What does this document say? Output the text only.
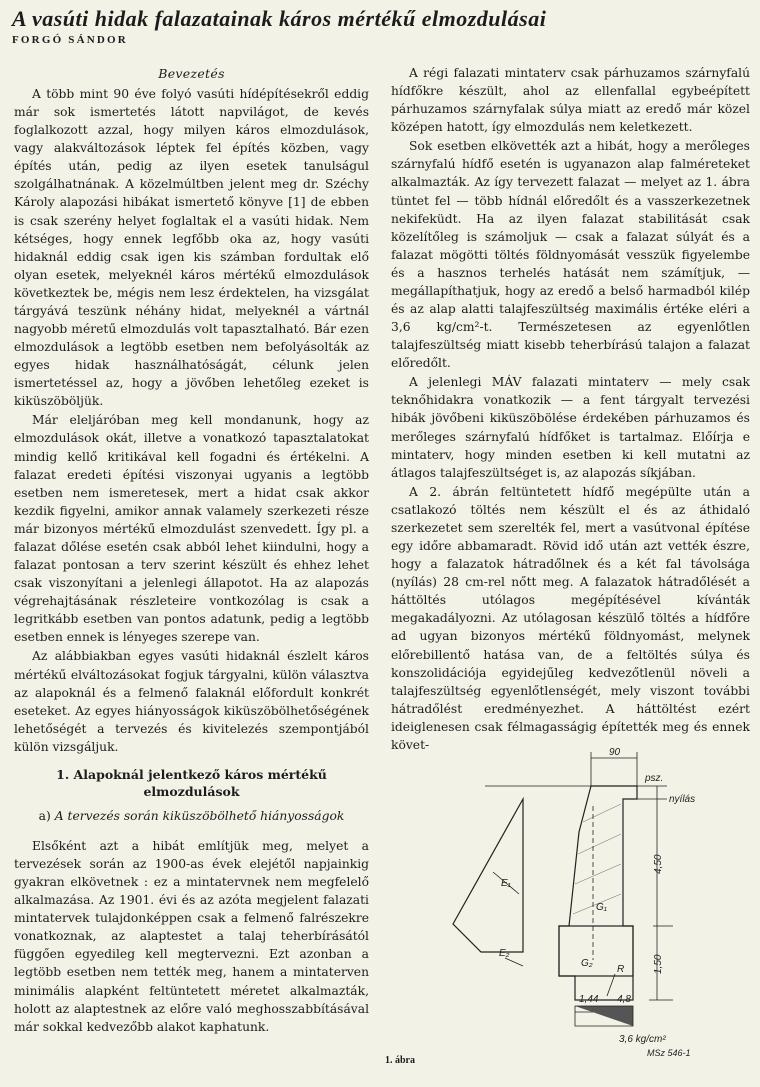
A vasúti hidak falazatainak káros mértékű elmozdulásai
FORGÓ SÁNDOR
Bevezetés

A több mint 90 éve folyó vasúti hídépítésekről eddig már sok ismertetés látott napvilágot, de kevés foglalkozott azzal, hogy milyen káros elmozdulások, vagy alakváltozások léptek fel építés közben, vagy építés után, pedig az ilyen esetek tanulságul szolgálhatnának. A közelmúltben jelent meg dr. Széchy Károly alapozási hibákat ismertető könyve [1] de ebben is csak szerény helyet foglaltak el a vasúti hidak. Nem kétséges, hogy ennek legfőbb oka az, hogy vasúti hidaknál eddig csak igen kis számban fordultak elő olyan esetek, melyeknél káros mértékű elmozdulások következtek be, mégis nem lesz érdektelen, ha vizsgálat tárgyává teszünk néhány hidat, melyeknél a vártnál nagyobb méretű elmozdulás volt tapasztalható. Bár ezen elmozdulások a legtöbb esetben nem befolyásolták az egyes hidak használhatóságát, célunk jelen ismertetéssel az, hogy a jövőben lehetőleg ezeket is kiküszöböljük.

Már eleljáróban meg kell mondanunk, hogy az elmozdulások okát, illetve a vonatkozó tapasztalatokat mindig kellő kritikával kell fogadni és értékelni. A falazat eredeti építési viszonyai ugyanis a legtöbb esetben nem ismeretesek, mert a hidat csak akkor kezdik figyelni, amikor annak valamely szerkezeti része már bizonyos mértékű elmozdulást szenvedett. Így pl. a falazat dőlése esetén csak abból lehet kiindulni, hogy a falazat pontosan a terv szerint készült és ehhez lehet csak viszonyítani a jelenlegi állapotot. Ha az alapozás végrehajtásának részleteire vontkozólag is csak a legritkább esetben van pontos adatunk, pedig a legtöbb esetben ennek is lényeges szerepe van.

Az alábbiakban egyes vasúti hidaknál észlelt káros mértékű elváltozásokat fogjuk tárgyalni, külön választva az alapoknál és a felmenő falaknál előfordult konkrét eseteket. Az egyes hiányosságok kiküszöbölhetőségének lehetőségét a tervezés és kivitelezés szempontjából külön vizsgáljuk.

1. Alapoknál jelentkező káros mértékű elmozdulások
a) A tervezés során kiküszöbölhető hiányosságok

Elsőként azt a hibát említjük meg, melyet a tervezések során az 1900-as évek elejétől napjainkig gyakran elkövetnek : ez a mintatervnek nem megfelelő alkalmazása. Az 1901. évi és az azóta megjelent falazati mintatervek tulajdonképpen csak a felmenő falrészekre vonatkoznak, az alaptestet a talaj teherbírásától függően egyedileg kell megtervezni. Ezt azonban a legtöbb esetben nem tették meg, hanem a mintaterven minimális alapként feltüntetett méretet alkalmazták, holott az alaptestnek az előre való meghosszabbításával már sokkal kedvezőbb alakot kaphatunk.

A régi falazati mintaterv csak párhuzamos szárnyfalú hídfőkre készült, ahol az ellenfallal egybeépített párhuzamos szárnyfalak súlya miatt az eredő már közel középen hatott, így elmozdulás nem keletkezett.

Sok esetben elkövették azt a hibát, hogy a merőleges szárnyfalú hídfő esetén is ugyanazon alap falméreteket alkalmazták. Az így tervezett falazat — melyet az 1. ábra tüntet fel — több hídnál előredőlt és a vasszerkezetnek nekifeküdt. Ha az ilyen falazat stabilitását csak közelítőleg is számoljuk — csak a falazat súlyát és a falazat mögötti töltés földnyomását vesszük figyelembe és a hasznos terhelés hatását nem számítjuk, — megállapíthatjuk, hogy az eredő a belső harmadból kilép és az alap alatti talajfeszültség maximális értéke eléri a 3,6 kg/cm²-t. Természetesen az egyenlőtlen talajfeszültség miatt kisebb teherbírású talajon a falazat előredőlt.

A jelenlegi MÁV falazati mintaterv — mely csak teknőhidakra vonatkozik — a fent tárgyalt tervezési hibák jövőbeni kiküszöbölése érdekében párhuzamos és merőleges szárnyfalú hídfőket is tartalmaz. Előírja e mintaterv, hogy minden esetben ki kell mutatni az átlagos talajfeszültséget is, az alapozás síkjában.

A 2. ábrán feltüntetett hídfő megépülte után a csatlakozó töltés nem készült el és az áthidaló szerkezetet sem szerelték fel, mert a vasútvonal építése egy időre abbamaradt. Rövid idő után azt vették észre, hogy a falazatok hátradőlnek és a két fal távolsága (nyílás) 28 cm-rel nőtt meg. A falazatok hátradőlését a háttöltés utólagos megépítésével kívánták megakadályozni. Az utólagosan készülő töltés a hídfőre ad ugyan bizonyos mértékű földnyomást, melynek előrebillentő hatása van, de a feltöltés súlya és konszolidációja egyidejűleg kedvezőtlenül növeli a talajfeszültség egyenlőtlenségét, mely viszont további hátradőlést eredményezhet. A háttöltést ezért ideiglenesen csak félmagasságig építették meg és ennek követ-

90
psz.
nyílás
4,50
1,50
E₁
E₂
G₁
G₂
R
1,44 4,8
3,6 kg/cm²
MSz 546-1
1. ábra
